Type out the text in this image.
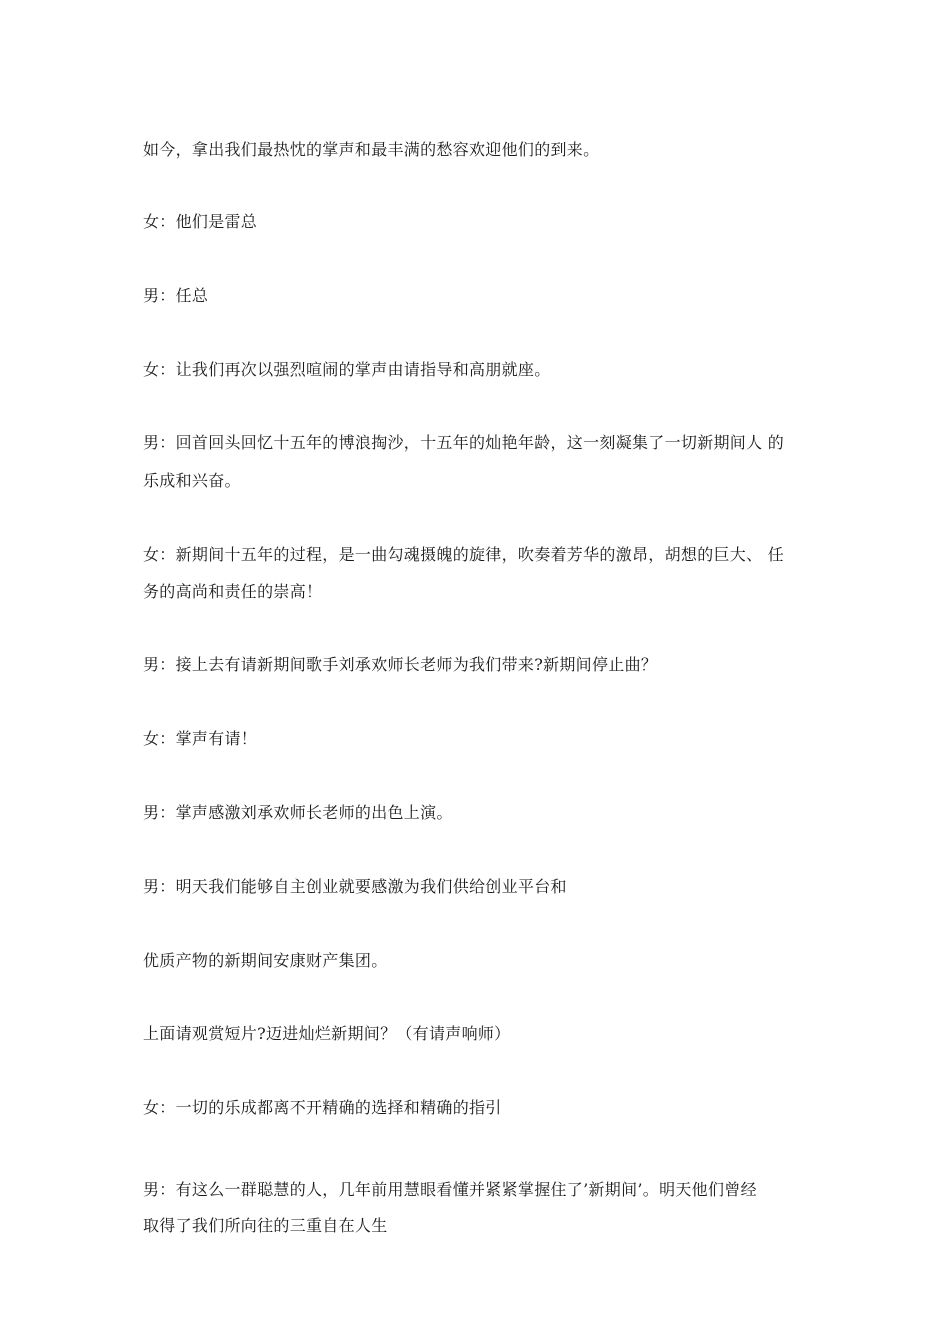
如今，拿出我们最热忱的掌声和最丰满的愁容欢迎他们的到来。
女：他们是雷总
男：任总
女：让我们再次以强烈喧闹的掌声由请指导和高朋就座。
男：回首回头回忆十五年的博浪掏沙，十五年的灿艳年龄，这一刻凝集了一切新期间人 的
乐成和兴奋。
女：新期间十五年的过程，是一曲勾魂摄魄的旋律，吹奏着芳华的激昂，胡想的巨大、 任
务的高尚和责任的崇高！
男：接上去有请新期间歌手刘承欢师长老师为我们带来?新期间停止曲？
女：掌声有请！
男：掌声感激刘承欢师长老师的出色上演。
男：明天我们能够自主创业就要感激为我们供给创业平台和
优质产物的新期间安康财产集团。
上面请观赏短片?迈进灿烂新期间？（有请声响师）
女：一切的乐成都离不开精确的选择和精确的指引
男：有这么一群聪慧的人，几年前用慧眼看懂并紧紧掌握住了’新期间’。明天他们曾经
取得了我们所向往的三重自在人生
